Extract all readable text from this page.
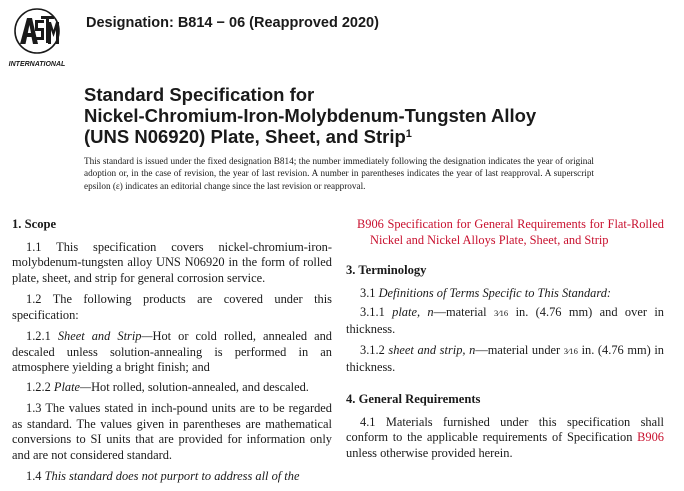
INTERNATIONAL
Designation: B814 − 06 (Reapproved 2020)
Standard Specification for
Nickel-Chromium-Iron-Molybdenum-Tungsten Alloy
(UNS N06920) Plate, Sheet, and Strip$^1$
This standard is issued under the fixed designation B814; the number immediately following the designation indicates the year of original adoption or, in the case of revision, the year of last revision. A number in parentheses indicates the year of last reapproval. A superscript epsilon (ε) indicates an editorial change since the last revision or reapproval.
1. Scope

1.1 This specification covers nickel-chromium-iron-molybdenum-tungsten alloy UNS N06920 in the form of rolled plate, sheet, and strip for general corrosion service.

1.2 The following products are covered under this specification:

1.2.1 Sheet and Strip—Hot or cold rolled, annealed and descaled unless solution-annealing is performed in an atmosphere yielding a bright finish; and

1.2.2 Plate—Hot rolled, solution-annealed, and descaled.

1.3 The values stated in inch-pound units are to be regarded as standard. The values given in parentheses are mathematical conversions to SI units that are provided for information only and are not considered standard.

1.4 This standard does not purport to address all of the

B906 Specification for General Requirements for Flat-Rolled Nickel and Nickel Alloys Plate, Sheet, and Strip

3. Terminology

3.1 Definitions of Terms Specific to This Standard:

3.1.1 plate, n—material 3⁄16 in. (4.76 mm) and over in thickness.

3.1.2 sheet and strip, n—material under 3⁄16 in. (4.76 mm) in thickness.

4. General Requirements

4.1 Materials furnished under this specification shall conform to the applicable requirements of Specification B906 unless otherwise provided herein.
